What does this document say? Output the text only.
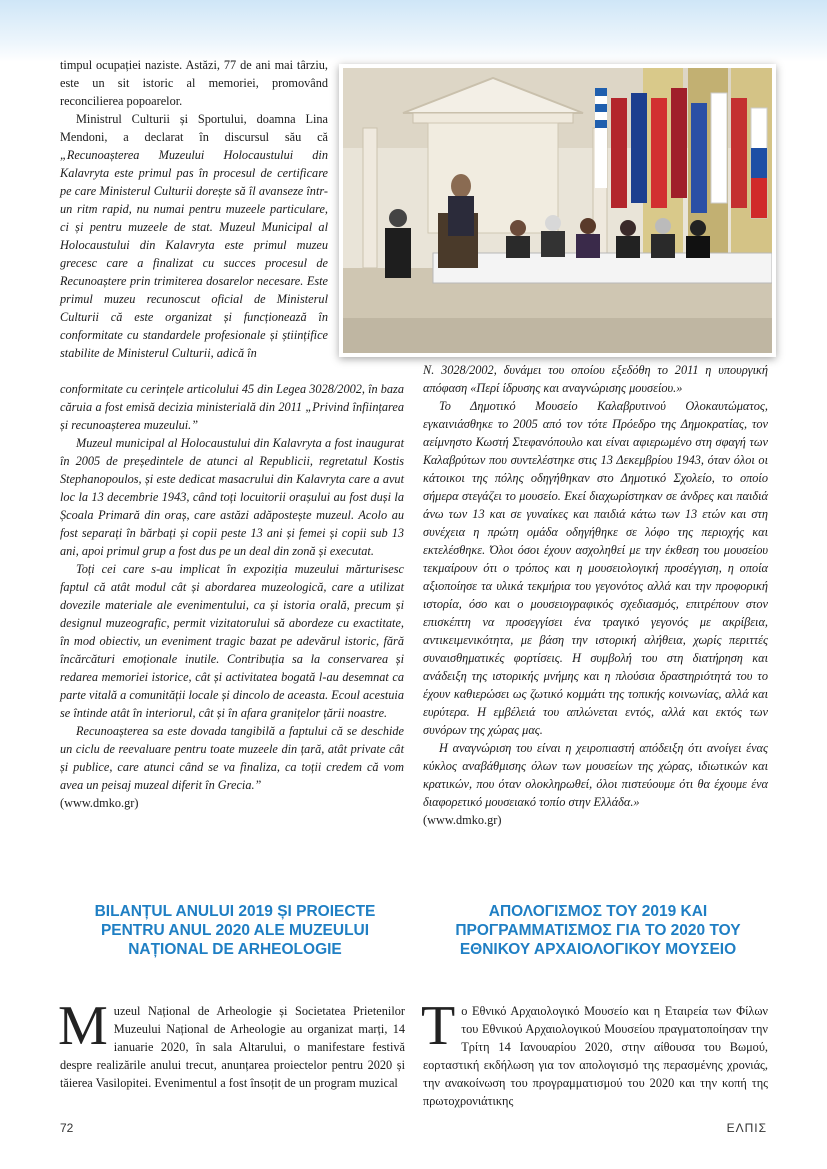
timpul ocupației naziste. Astăzi, 77 de ani mai târziu, este un sit istoric al memoriei, promovând reconcilierea popoarelor.

Ministrul Culturii și Sportului, doamna Lina Mendoni, a declarat în discursul său că „Recunoașterea Muzeului Holocaustului din Kalavryta este primul pas în procesul de certificare pe care Ministerul Culturii dorește să îl avanseze într-un ritm rapid, nu numai pentru muzeele particulare, ci și pentru muzeele de stat. Muzeul Municipal al Holocaustului din Kalavryta este primul muzeu grecesc care a finalizat cu succes procesul de Recunoaștere prin trimiterea dosarelor necesare. Este primul muzeu recunoscut oficial de Ministerul Culturii că este organizat și funcționează în conformitate cu standardele profesionale și științifice stabilite de Ministerul Culturii, adică în

conformitate cu cerințele articolului 45 din Legea 3028/2002, în baza căruia a fost emisă decizia ministerială din 2011 „Privind înființarea și recunoașterea muzeului.”

Muzeul municipal al Holocaustului din Kalavryta a fost inaugurat în 2005 de președintele de atunci al Republicii, regretatul Kostis Stephanopoulos, și este dedicat masacrului din Kalavryta care a avut loc la 13 decembrie 1943, când toți locuitorii orașului au fost duși la Școala Primară din oraș, care astăzi adăpostește muzeul. Acolo au fost separați în bărbați și copii peste 13 ani și femei și copii sub 13 ani, apoi primul grup a fost dus pe un deal din zonă și executat.

Toți cei care s-au implicat în expoziția muzeului mărturisesc faptul că atât modul cât și abordarea muzeologică, care a utilizat dovezile materiale ale evenimentului, ca și istoria orală, precum și designul muzeografic, permit vizitatorului să abordeze cu exactitate, în mod obiectiv, un eveniment tragic bazat pe adevărul istoric, fără încărcături emoționale inutile. Contribuția sa la conservarea și redarea memoriei istorice, cât și activitatea bogată l-au desemnat ca parte vitală a comunității locale și dincolo de aceasta. Ecoul acestuia se întinde atât în interiorul, cât și în afara granițelor țării noastre.

Recunoașterea sa este dovada tangibilă a faptului că se deschide un ciclu de reevaluare pentru toate muzeele din țară, atât private cât și publice, care atunci când se va finaliza, ca toții credem că vom avea un peisaj muzeal diferit în Grecia.”

(www.dmko.gr)

N. 3028/2002, δυνάμει του οποίου εξεδόθη το 2011 η υπουργική απόφαση «Περί ίδρυσης και αναγνώρισης μουσείου.»

Το Δημοτικό Μουσείο Καλαβρυτινού Ολοκαυτώματος, εγκαινιάσθηκε το 2005 από τον τότε Πρόεδρο της Δημοκρατίας, τον αείμνηστο Κωστή Στεφανόπουλο και είναι αφιερωμένο στη σφαγή των Καλαβρύτων που συντελέστηκε στις 13 Δεκεμβρίου 1943, όταν όλοι οι κάτοικοι της πόλης οδηγήθηκαν στο Δημοτικό Σχολείο, το οποίο σήμερα στεγάζει το μουσείο. Εκεί διαχωρίστηκαν σε άνδρες και παιδιά άνω των 13 και σε γυναίκες και παιδιά κάτω των 13 ετών και στη συνέχεια η πρώτη ομάδα οδηγήθηκε σε λόφο της περιοχής και εκτελέσθηκε. Όλοι όσοι έχουν ασχοληθεί με την έκθεση του μουσείου τεκμαίρουν ότι ο τρόπος και η μουσειολογική προσέγγιση, η οποία αξιοποίησε τα υλικά τεκμήρια του γεγονότος αλλά και την προφορική ιστορία, όσο και ο μουσειογραφικός σχεδιασμός, επιτρέπουν στον επισκέπτη να προσεγγίσει ένα τραγικό γεγονός με ακρίβεια, αντικειμενικότητα, με βάση την ιστορική αλήθεια, χωρίς περιττές συναισθηματικές φορτίσεις. Η συμβολή του στη διατήρηση και ανάδειξη της ιστορικής μνήμης και η πλούσια δραστηριότητά του το έχουν καθιερώσει ως ζωτικό κομμάτι της τοπικής κοινωνίας, αλλά και ευρύτερα. Η εμβέλειά του απλώνεται εντός, αλλά και εκτός των συνόρων της χώρας μας.

Η αναγνώριση του είναι η χειροπιαστή απόδειξη ότι ανοίγει ένας κύκλος αναβάθμισης όλων των μουσείων της χώρας, ιδιωτικών και κρατικών, που όταν ολοκληρωθεί, όλοι πιστεύουμε ότι θα έχουμε ένα διαφορετικό μουσειακό τοπίο στην Ελλάδα.»

(www.dmko.gr)

BILANȚUL ANULUI 2019 ȘI PROIECTE
PENTRU ANUL 2020 ALE MUZEULUI
NAȚIONAL DE ARHEOLOGIE
ΑΠΟΛΟΓΙΣΜΟΣ ΤΟΥ 2019 ΚΑΙ
ΠΡΟΓΡΑΜΜΑΤΙΣΜΟΣ ΓΙΑ ΤΟ 2020 ΤΟΥ
ΕΘΝΙΚΟΥ ΑΡΧΑΙΟΛΟΓΙΚΟΥ ΜΟΥΣΕΙΟ

Muzeul Național de Arheologie și Societatea Prietenilor Muzeului Național de Arheologie au organizat marți, 14 ianuarie 2020, în sala Altarului, o manifestare festivă despre realizările anului trecut, anunțarea proiectelor pentru 2020 și tăierea Vasilopitei. Evenimentul a fost însoțit de un program muzical

Tο Εθνικό Αρχαιολογικό Μουσείο και η Εταιρεία των Φίλων του Εθνικού Αρχαιολογικού Μουσείου πραγματοποίησαν την Τρίτη 14 Ιανουαρίου 2020, στην αίθουσα του Βωμού, εορταστική εκδήλωση για τον απολογισμό της περασμένης χρονιάς, την ανακοίνωση του προγραμματισμού του 2020 και την κοπή της πρωτοχρονιάτικης

72	ΕΛΠΙΣ
